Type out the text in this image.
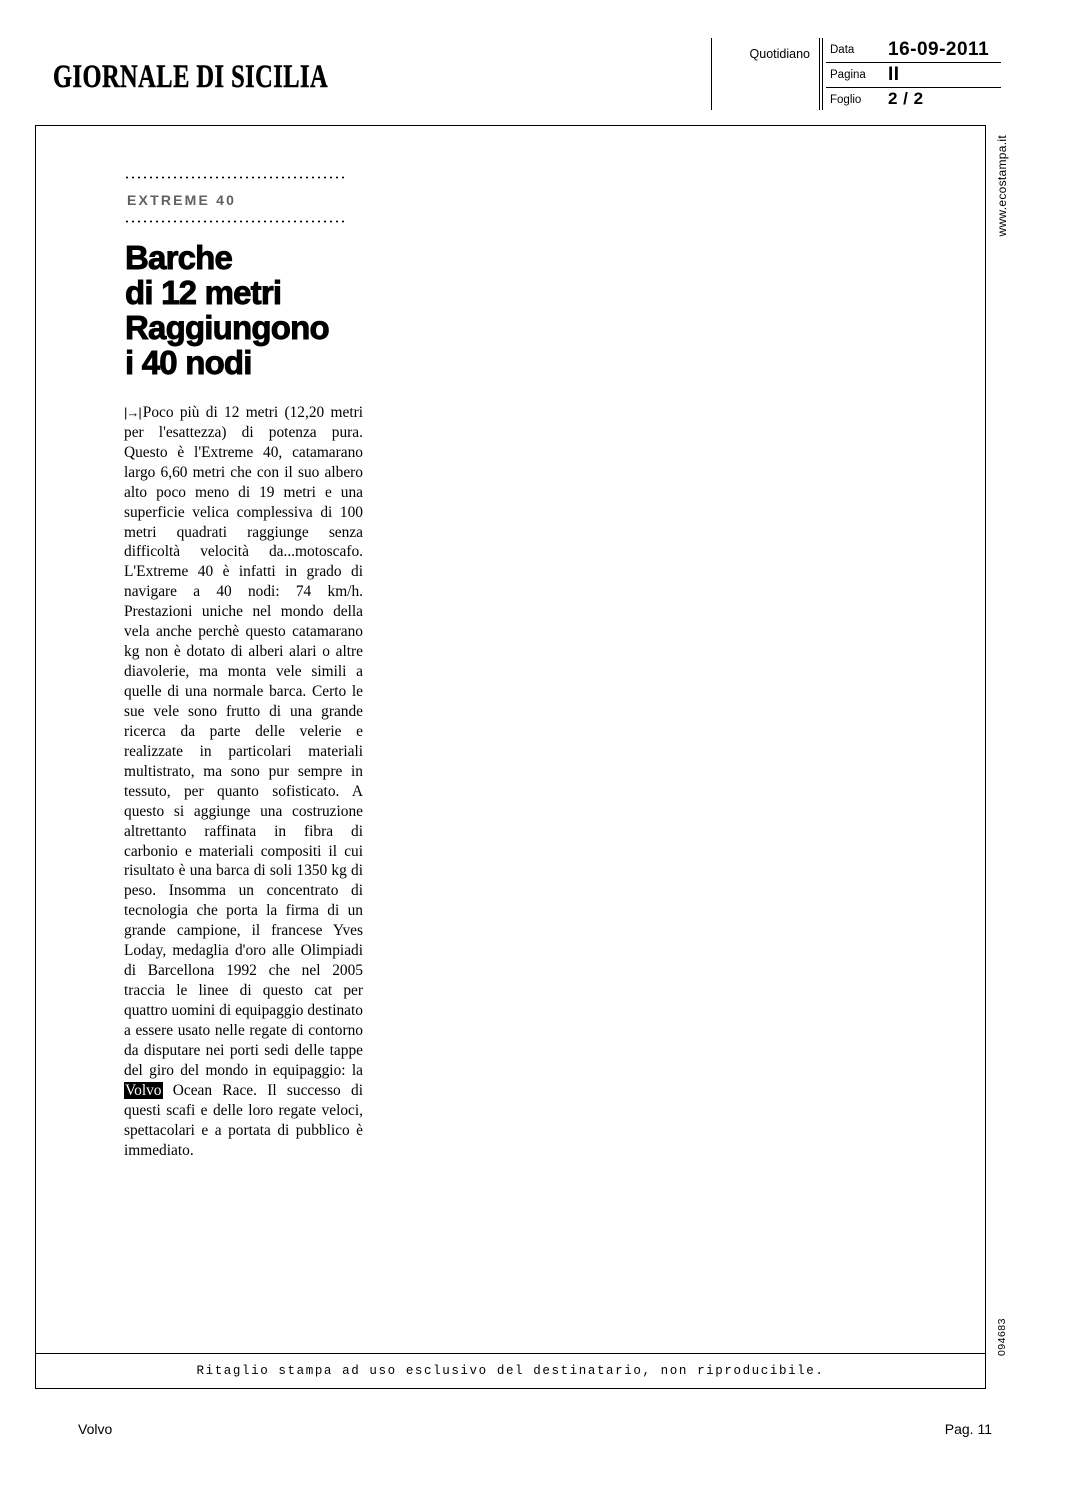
GIORNALE DI SICILIA
Quotidiano Data 16-09-2011
Pagina II
Foglio 2 / 2
www.ecostampa.it
094683
EXTREME 40
Barche
di 12 metri
Raggiungono
i 40 nodi

|→| Poco più di 12 metri (12,20 metri per l'esattezza) di potenza pura. Questo è l'Extreme 40, catamarano largo 6,60 metri che con il suo albero alto poco meno di 19 metri e una superficie velica complessiva di 100 metri quadrati raggiunge senza difficoltà velocità da...motoscafo. L'Extreme 40 è infatti in grado di navigare a 40 nodi: 74 km/h. Prestazioni uniche nel mondo della vela anche perchè questo catamarano kg non è dotato di alberi alari o altre diavolerie, ma monta vele simili a quelle di una normale barca. Certo le sue vele sono frutto di una grande ricerca da parte delle velerie e realizzate in particolari materiali multistrato, ma sono pur sempre in tessuto, per quanto sofisticato. A questo si aggiunge una costruzione altrettanto raffinata in fibra di carbonio e materiali compositi il cui risultato è una barca di soli 1350 kg di peso. Insomma un concentrato di tecnologia che porta la firma di un grande campione, il francese Yves Loday, medaglia d'oro alle Olimpiadi di Barcellona 1992 che nel 2005 traccia le linee di questo cat per quattro uomini di equipaggio destinato a essere usato nelle regate di contorno da disputare nei porti sedi delle tappe del giro del mondo in equipaggio: la Volvo Ocean Race. Il successo di questi scafi e delle loro regate veloci, spettacolari e a portata di pubblico è immediato.

Ritaglio stampa ad uso esclusivo del destinatario, non riproducibile.
Volvo	Pag. 11
